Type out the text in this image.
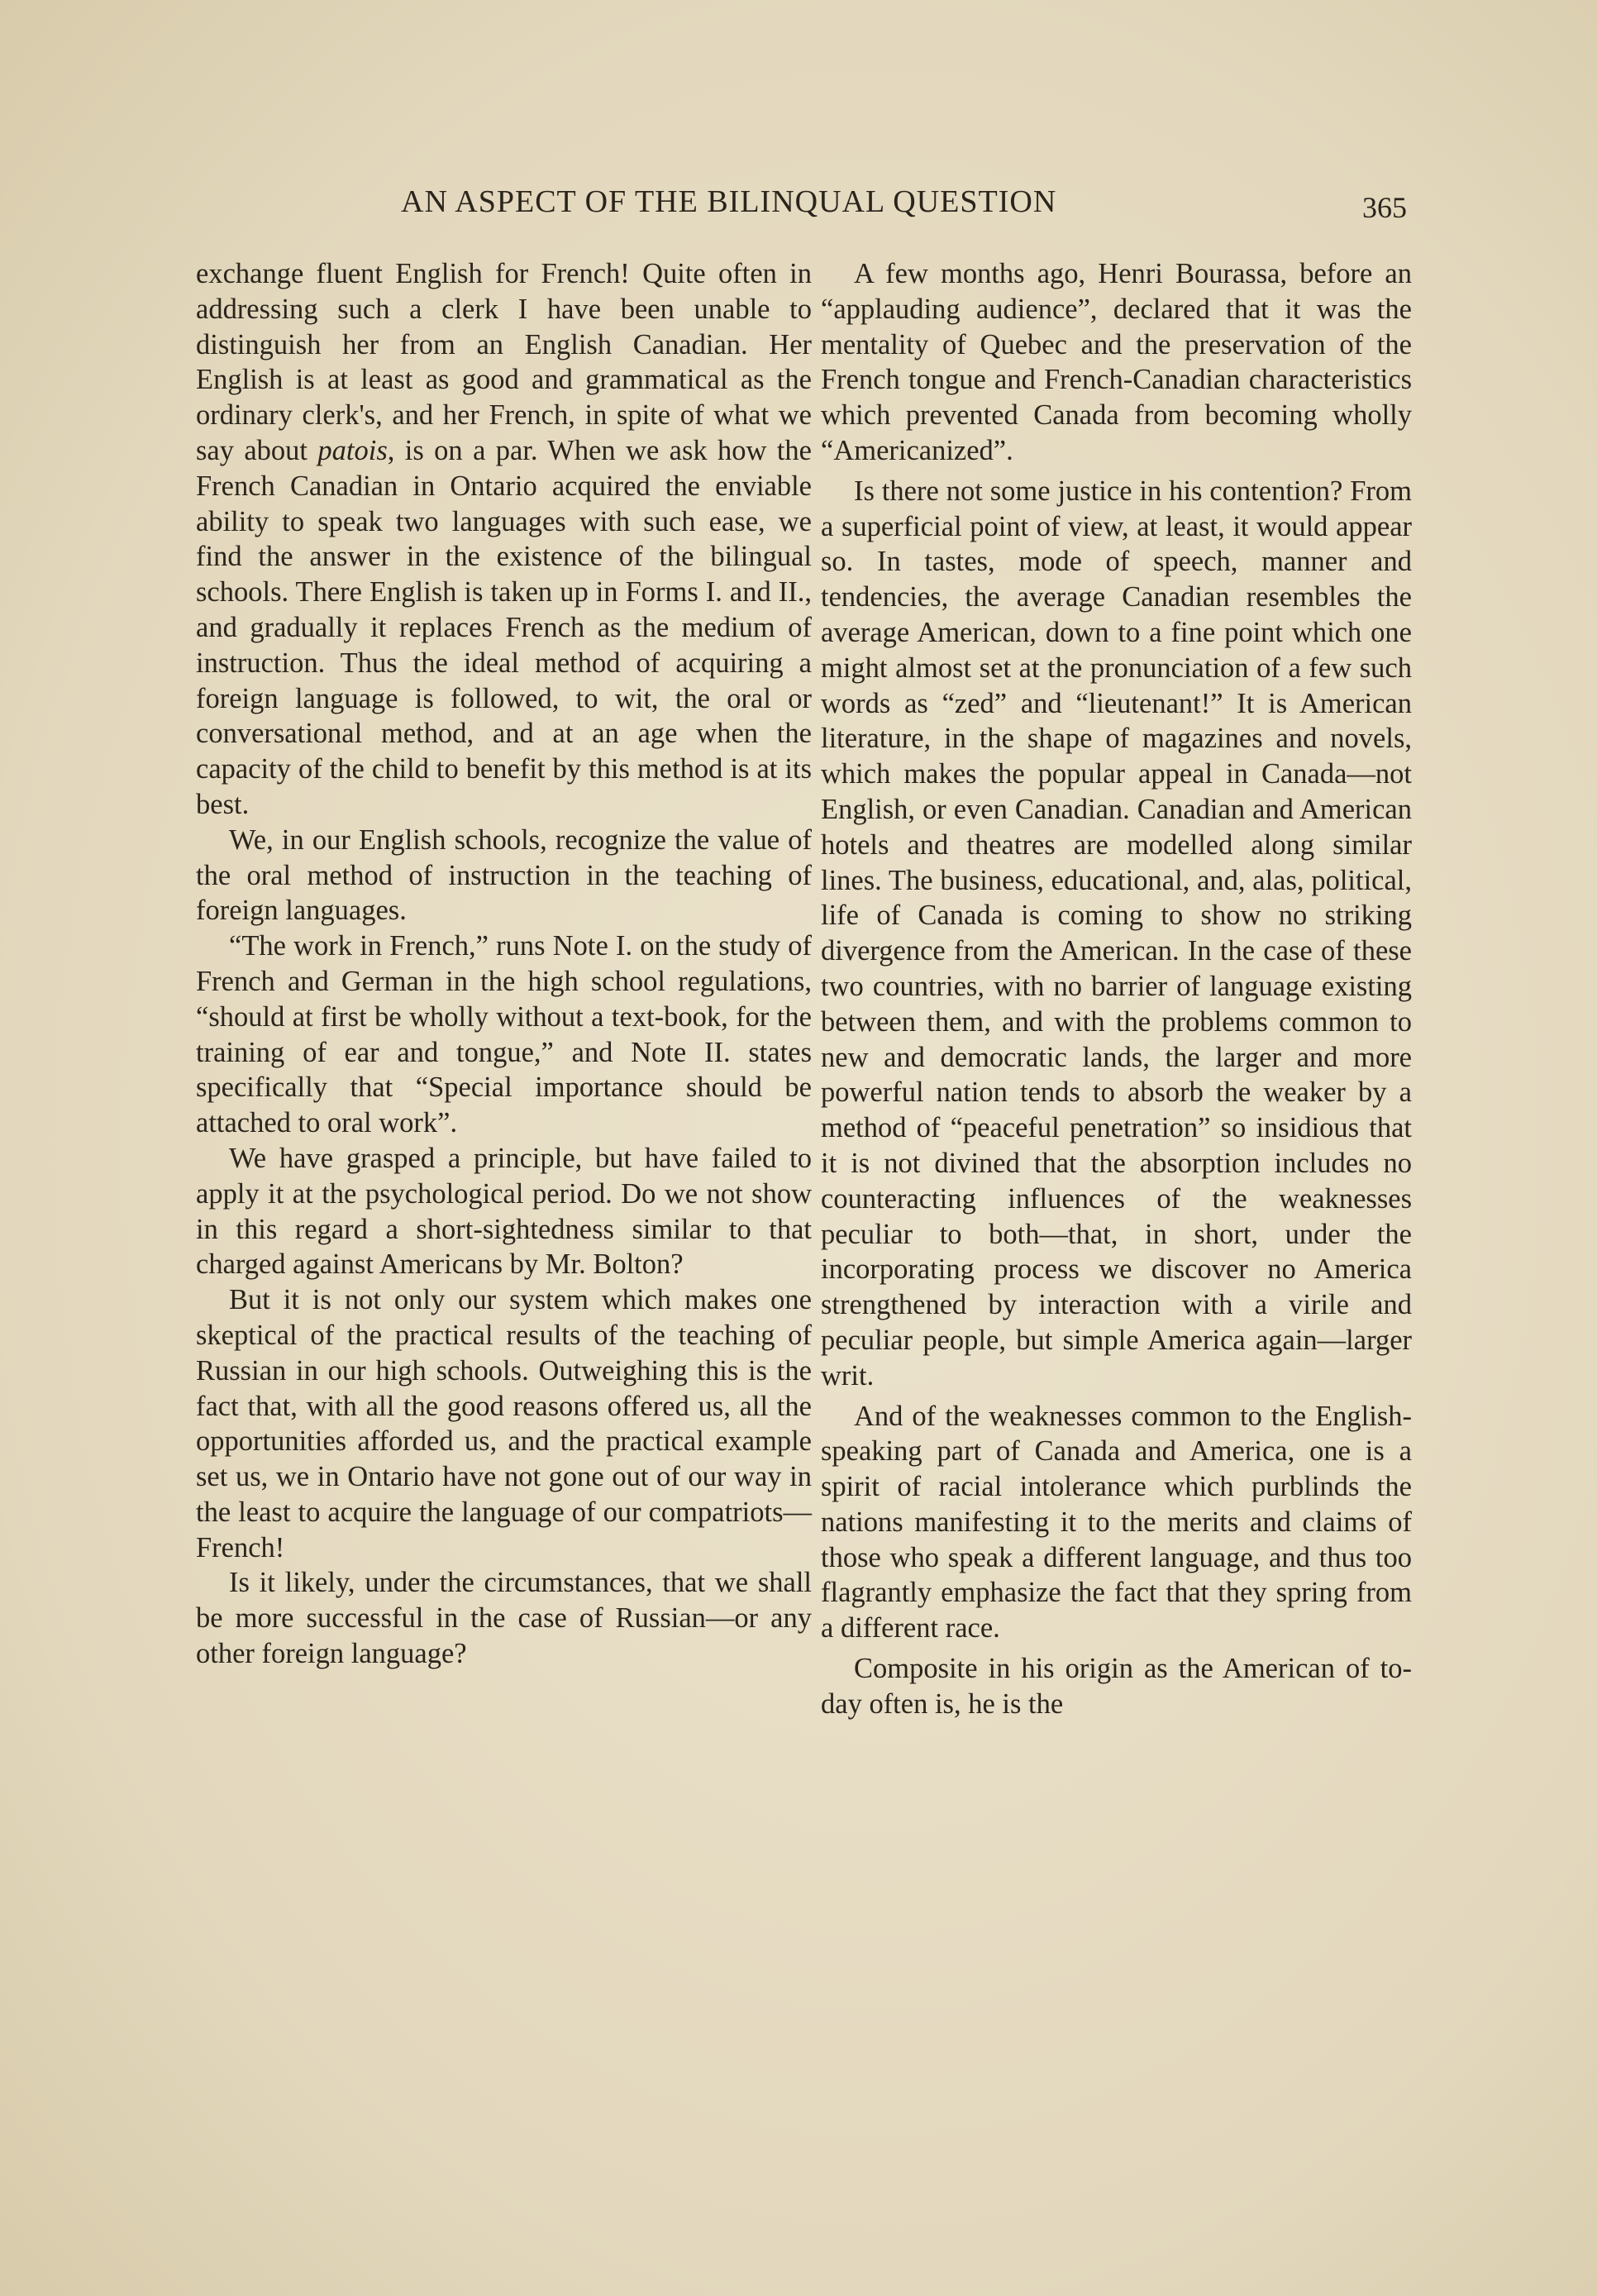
AN ASPECT OF THE BILINQUAL QUESTION	365

exchange fluent English for French! Quite often in addressing such a clerk I have been unable to distinguish her from an English Canadian. Her English is at least as good and grammatical as the ordinary clerk's, and her French, in spite of what we say about patois, is on a par. When we ask how the French Canadian in Ontario acquired the enviable ability to speak two languages with such ease, we find the answer in the existence of the bilingual schools. There English is taken up in Forms I. and II., and gradually it replaces French as the medium of instruction. Thus the ideal method of acquiring a foreign language is followed, to wit, the oral or conversational method, and at an age when the capacity of the child to benefit by this method is at its best.

We, in our English schools, recognize the value of the oral method of instruction in the teaching of foreign languages.

“The work in French,” runs Note I. on the study of French and German in the high school regulations, “should at first be wholly without a text-book, for the training of ear and tongue,” and Note II. states specifically that “Special importance should be attached to oral work”.

We have grasped a principle, but have failed to apply it at the psychological period. Do we not show in this regard a short-sightedness similar to that charged against Americans by Mr. Bolton?

But it is not only our system which makes one skeptical of the practical results of the teaching of Russian in our high schools. Outweighing this is the fact that, with all the good reasons offered us, all the opportunities afforded us, and the practical example set us, we in Ontario have not gone out of our way in the least to acquire the language of our compatriots—French!

Is it likely, under the circumstances, that we shall be more successful in the case of Russian—or any other foreign language?

A few months ago, Henri Bourassa, before an “applauding audience”, declared that it was the mentality of Quebec and the preservation of the French tongue and French-Canadian characteristics which prevented Canada from becoming wholly “Americanized”.

Is there not some justice in his contention? From a superficial point of view, at least, it would appear so. In tastes, mode of speech, manner and tendencies, the average Canadian resembles the average American, down to a fine point which one might almost set at the pronunciation of a few such words as “zed” and “lieutenant!” It is American literature, in the shape of magazines and novels, which makes the popular appeal in Canada—not English, or even Canadian. Canadian and American hotels and theatres are modelled along similar lines. The business, educational, and, alas, political, life of Canada is coming to show no striking divergence from the American. In the case of these two countries, with no barrier of language existing between them, and with the problems common to new and democratic lands, the larger and more powerful nation tends to absorb the weaker by a method of “peaceful penetration” so insidious that it is not divined that the absorption includes no counteracting influences of the weaknesses peculiar to both—that, in short, under the incorporating process we discover no America strengthened by interaction with a virile and peculiar people, but simple America again—larger writ.

And of the weaknesses common to the English-speaking part of Canada and America, one is a spirit of racial intolerance which purblinds the nations manifesting it to the merits and claims of those who speak a different language, and thus too flagrantly emphasize the fact that they spring from a different race.

Composite in his origin as the American of to-day often is, he is the
